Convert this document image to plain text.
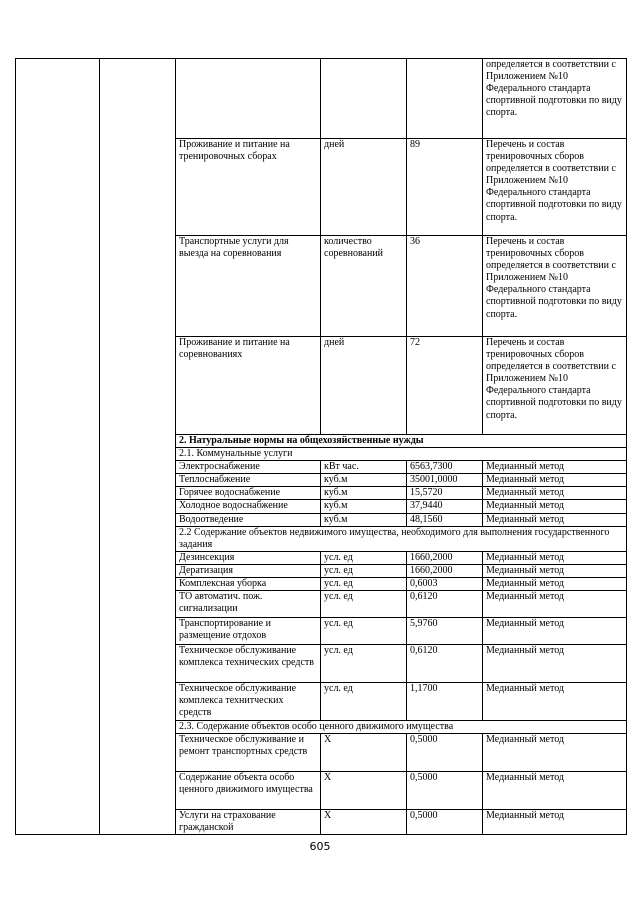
					определяется в соответствии с Приложением №10 Федерального стандарта спортивной подготовки по виду спорта.
		Проживание и питание на тренировочных сборах	дней	89	Перечень и состав тренировочных сборов определяется в соответствии с Приложением №10 Федерального стандарта спортивной подготовки по виду спорта.
		Транспортные услуги для выезда на соревнования	количество соревнований	36	Перечень и состав тренировочных сборов определяется в соответствии с Приложением №10 Федерального стандарта спортивной подготовки по виду спорта.
		Проживание и питание на соревнованиях	дней	72	Перечень и состав тренировочных сборов определяется в соответствии с Приложением №10 Федерального стандарта спортивной подготовки по виду спорта.
		2. Натуральные нормы на общехозяйственные нужды			
		2.1. Коммунальные услуги			
		Электроснабжение	кВт час.	6563,7300	Медианный метод
		Теплоснабжение	куб.м	35001,0000	Медианный метод
		Горячее водоснабжение	куб.м	15,5720	Медианный метод
		Холодное водоснабжение	куб.м	37,9440	Медианный метод
		Водоотведение	куб.м	48,1560	Медианный метод
		2.2 Содержание объектов недвижимого имущества, необходимого для выполнения государственного задания			
		Дезинсекция	усл. ед	1660,2000	Медианный метод
		Дератизация	усл. ед	1660,2000	Медианный метод
		Комплексная уборка	усл. ед	0,6003	Медианный метод
		ТО автоматич. пож. сигнализации	усл. ед	0,6120	Медианный метод
		Транспортирование и размещение отдохов	усл. ед	5,9760	Медианный метод
		Техническое обслуживание комплекса технических средств	усл. ед	0,6120	Медианный метод
		Техническое обслуживание комплекса технитческих средств	усл. ед	1,1700	Медианный метод
		2.3. Содержание объектов особо ценного движимого имущества			
		Техническое обслуживание и ремонт транспортных средств	Х	0,5000	Медианный метод
		Содержание объекта особо ценного движимого имущества	Х	0,5000	Медианный метод
		Услуги на страхование гражданской	Х	0,5000	Медианный метод
605
